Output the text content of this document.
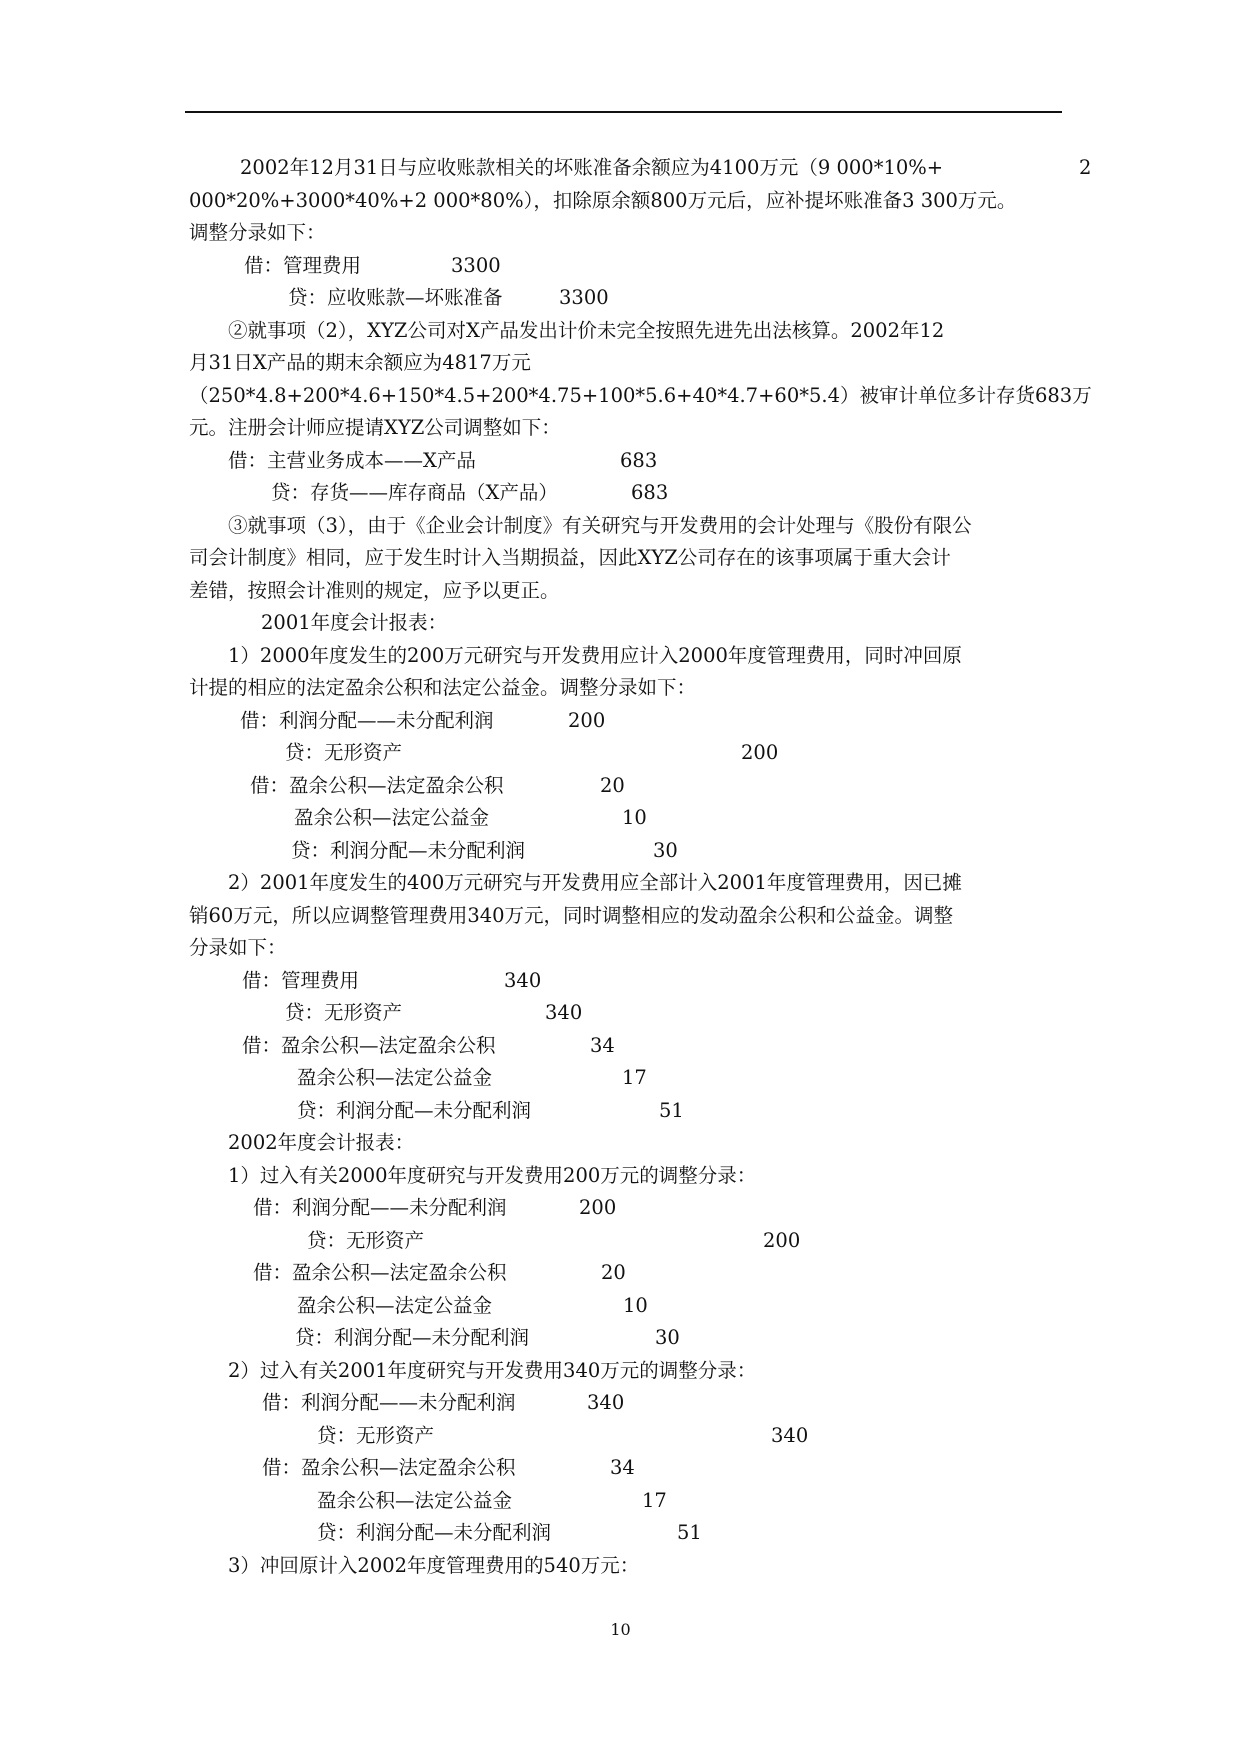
2002年12月31日与应收账款相关的坏账准备余额应为4100万元（9 000*10%+	2
000*20%+3000*40%+2 000*80%），扣除原余额800万元后，应补提坏账准备3 300万元。
调整分录如下：
借：管理费用	3300
贷：应收账款—坏账准备	3300
②就事项（2），XYZ公司对X产品发出计价未完全按照先进先出法核算。2002年12
月31日X产品的期末余额应为4817万元
（250*4.8+200*4.6+150*4.5+200*4.75+100*5.6+40*4.7+60*5.4）被审计单位多计存货683万
元。注册会计师应提请XYZ公司调整如下：
借：主营业务成本——X产品	683
贷：存货——库存商品（X产品）	683
③就事项（3），由于《企业会计制度》有关研究与开发费用的会计处理与《股份有限公
司会计制度》相同，应于发生时计入当期损益，因此XYZ公司存在的该事项属于重大会计
差错，按照会计准则的规定，应予以更正。
2001年度会计报表：
1）2000年度发生的200万元研究与开发费用应计入2000年度管理费用，同时冲回原
计提的相应的法定盈余公积和法定公益金。调整分录如下：
借：利润分配——未分配利润	200
贷：无形资产	200
借：盈余公积—法定盈余公积	20
盈余公积—法定公益金	10
贷：利润分配—未分配利润	30
2）2001年度发生的400万元研究与开发费用应全部计入2001年度管理费用，因已摊
销60万元，所以应调整管理费用340万元，同时调整相应的发动盈余公积和公益金。调整
分录如下：
借：管理费用	340
贷：无形资产	340
借：盈余公积—法定盈余公积	34
盈余公积—法定公益金	17
贷：利润分配—未分配利润	51
2002年度会计报表：
1）过入有关2000年度研究与开发费用200万元的调整分录：
借：利润分配——未分配利润	200
贷：无形资产	200
借：盈余公积—法定盈余公积	20
盈余公积—法定公益金	10
贷：利润分配—未分配利润	30
2）过入有关2001年度研究与开发费用340万元的调整分录：
借：利润分配——未分配利润	340
贷：无形资产	340
借：盈余公积—法定盈余公积	34
盈余公积—法定公益金	17
贷：利润分配—未分配利润	51
3）冲回原计入2002年度管理费用的540万元：
10
